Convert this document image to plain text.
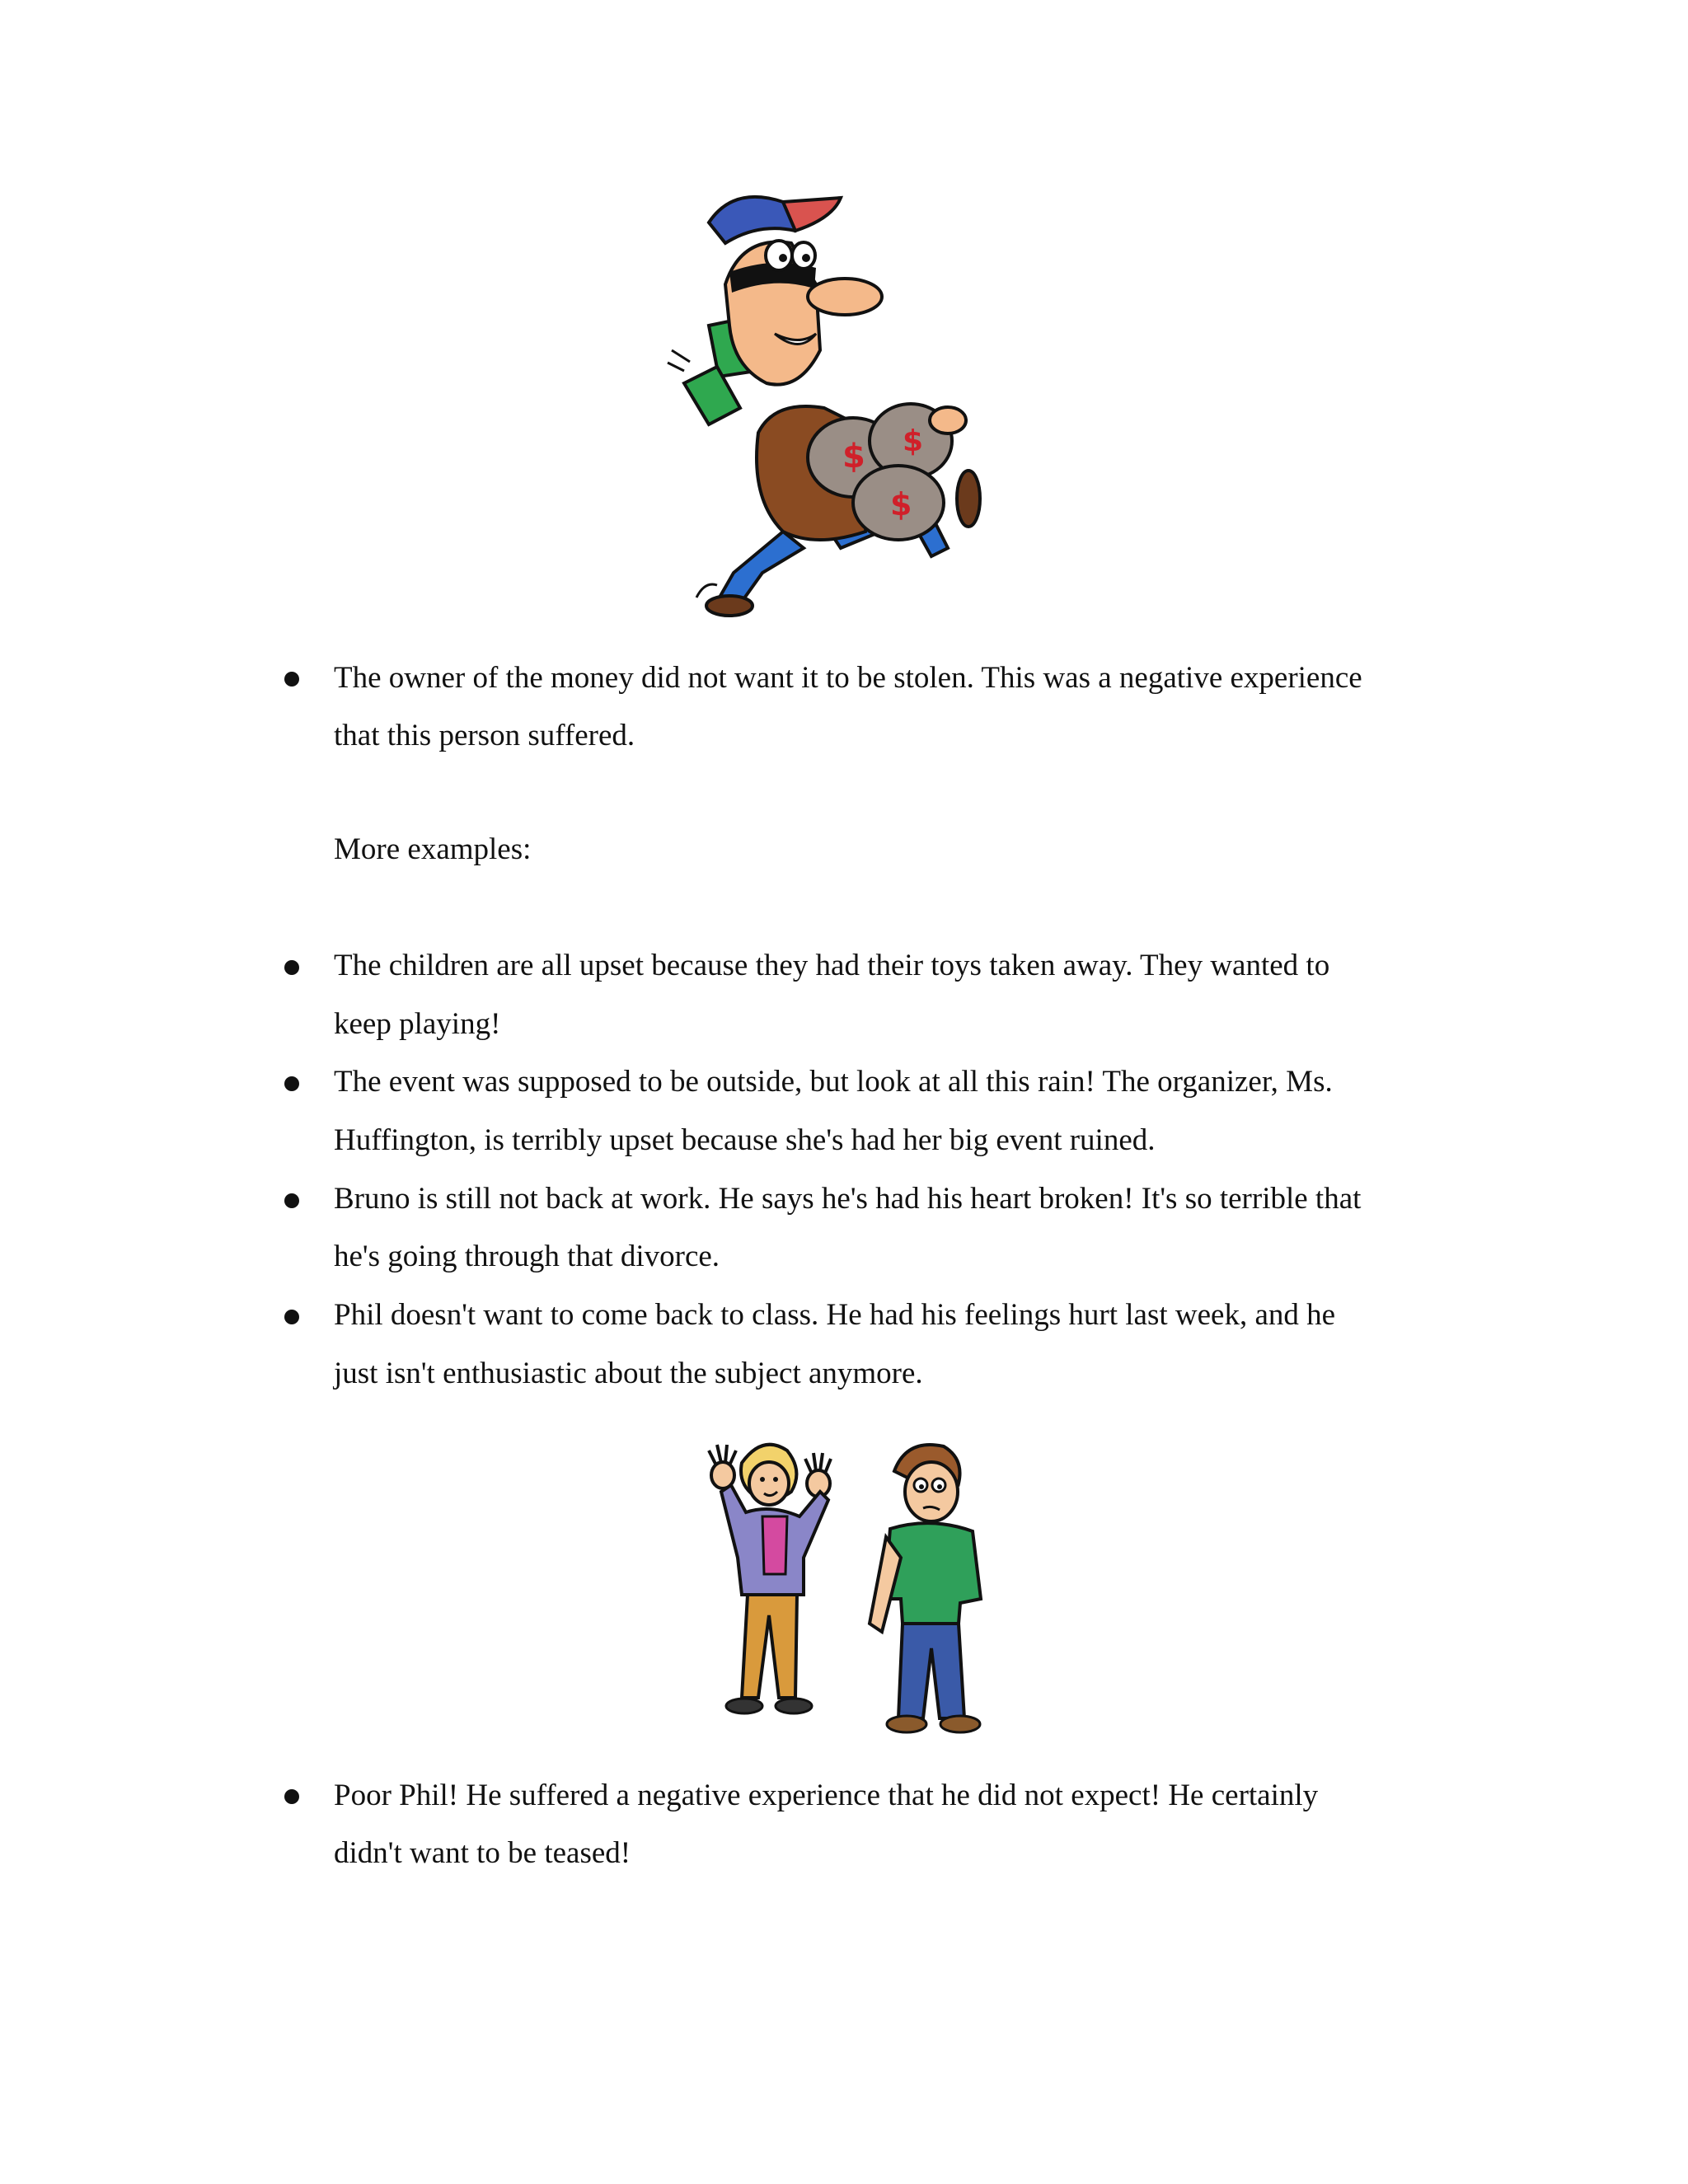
$ $
$
The owner of the money did not want it to be stolen. This was a negative experience
that this person suffered.
More examples:
The children are all upset because they had their toys taken away. They wanted to
keep playing!
The event was supposed to be outside, but look at all this rain! The organizer, Ms.
Huffington, is terribly upset because she's had her big event ruined.
Bruno is still not back at work. He says he's had his heart broken! It's so terrible that
he's going through that divorce.
Phil doesn't want to come back to class. He had his feelings hurt last week, and he
just isn't enthusiastic about the subject anymore.
Poor Phil! He suffered a negative experience that he did not expect! He certainly
didn't want to be teased!
